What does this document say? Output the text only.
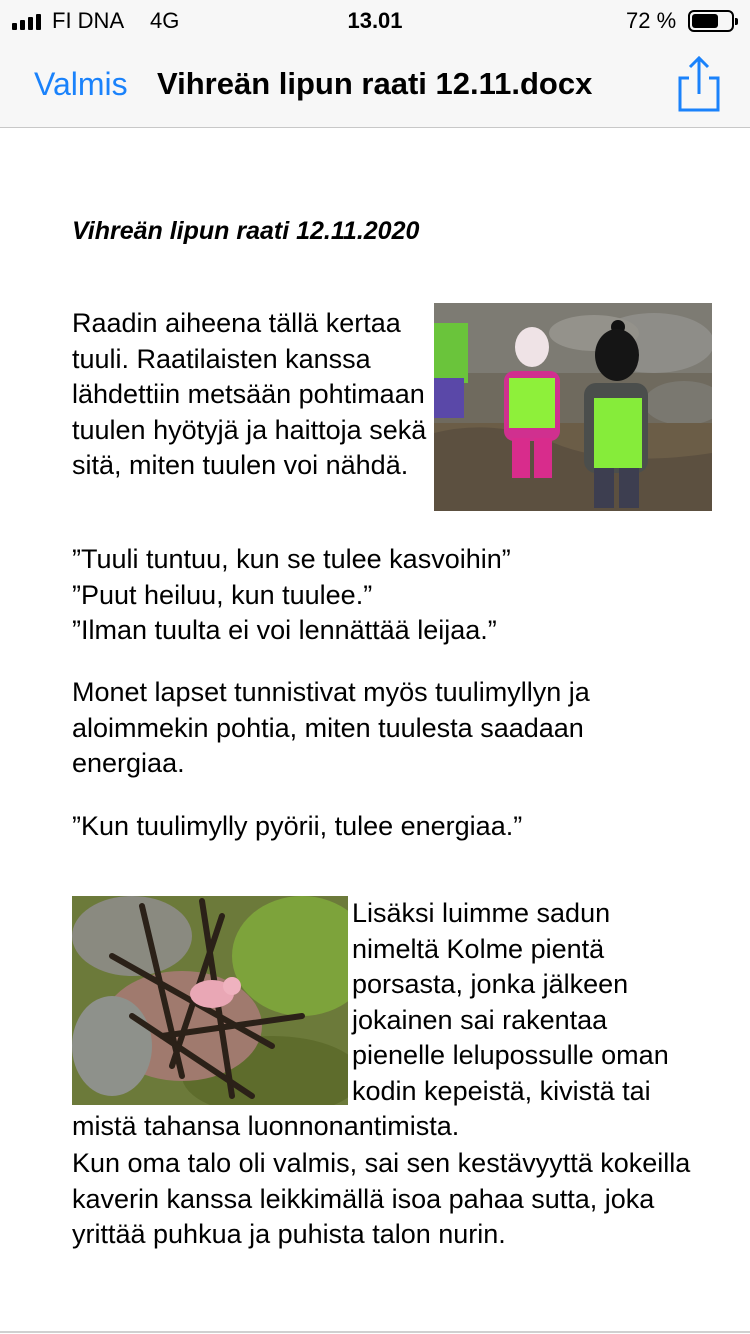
FI DNA 4G	13.01	72 %
Valmis Vihreän lipun raati 12.11.docx
Vihreän lipun raati 12.11.2020
Raadin aiheena tällä kertaa tuuli. Raatilaisten kanssa lähdettiin metsään pohtimaan tuulen hyötyjä ja haittoja sekä sitä, miten tuulen voi nähdä.
”Tuuli tuntuu, kun se tulee kasvoihin”
”Puut heiluu, kun tuulee.”
”Ilman tuulta ei voi lennättää leijaa.”
Monet lapset tunnistivat myös tuulimyllyn ja aloimmekin pohtia, miten tuulesta saadaan energiaa.
”Kun tuulimylly pyörii, tulee energiaa.”
Lisäksi luimme sadun nimeltä Kolme pientä porsasta, jonka jälkeen jokainen sai rakentaa pienelle lelupossulle oman kodin kepeistä, kivistä tai mistä tahansa luonnonantimista.
Kun oma talo oli valmis, sai sen kestävyyttä kokeilla kaverin kanssa leikkimällä isoa pahaa sutta, joka yrittää puhkua ja puhista talon nurin.
